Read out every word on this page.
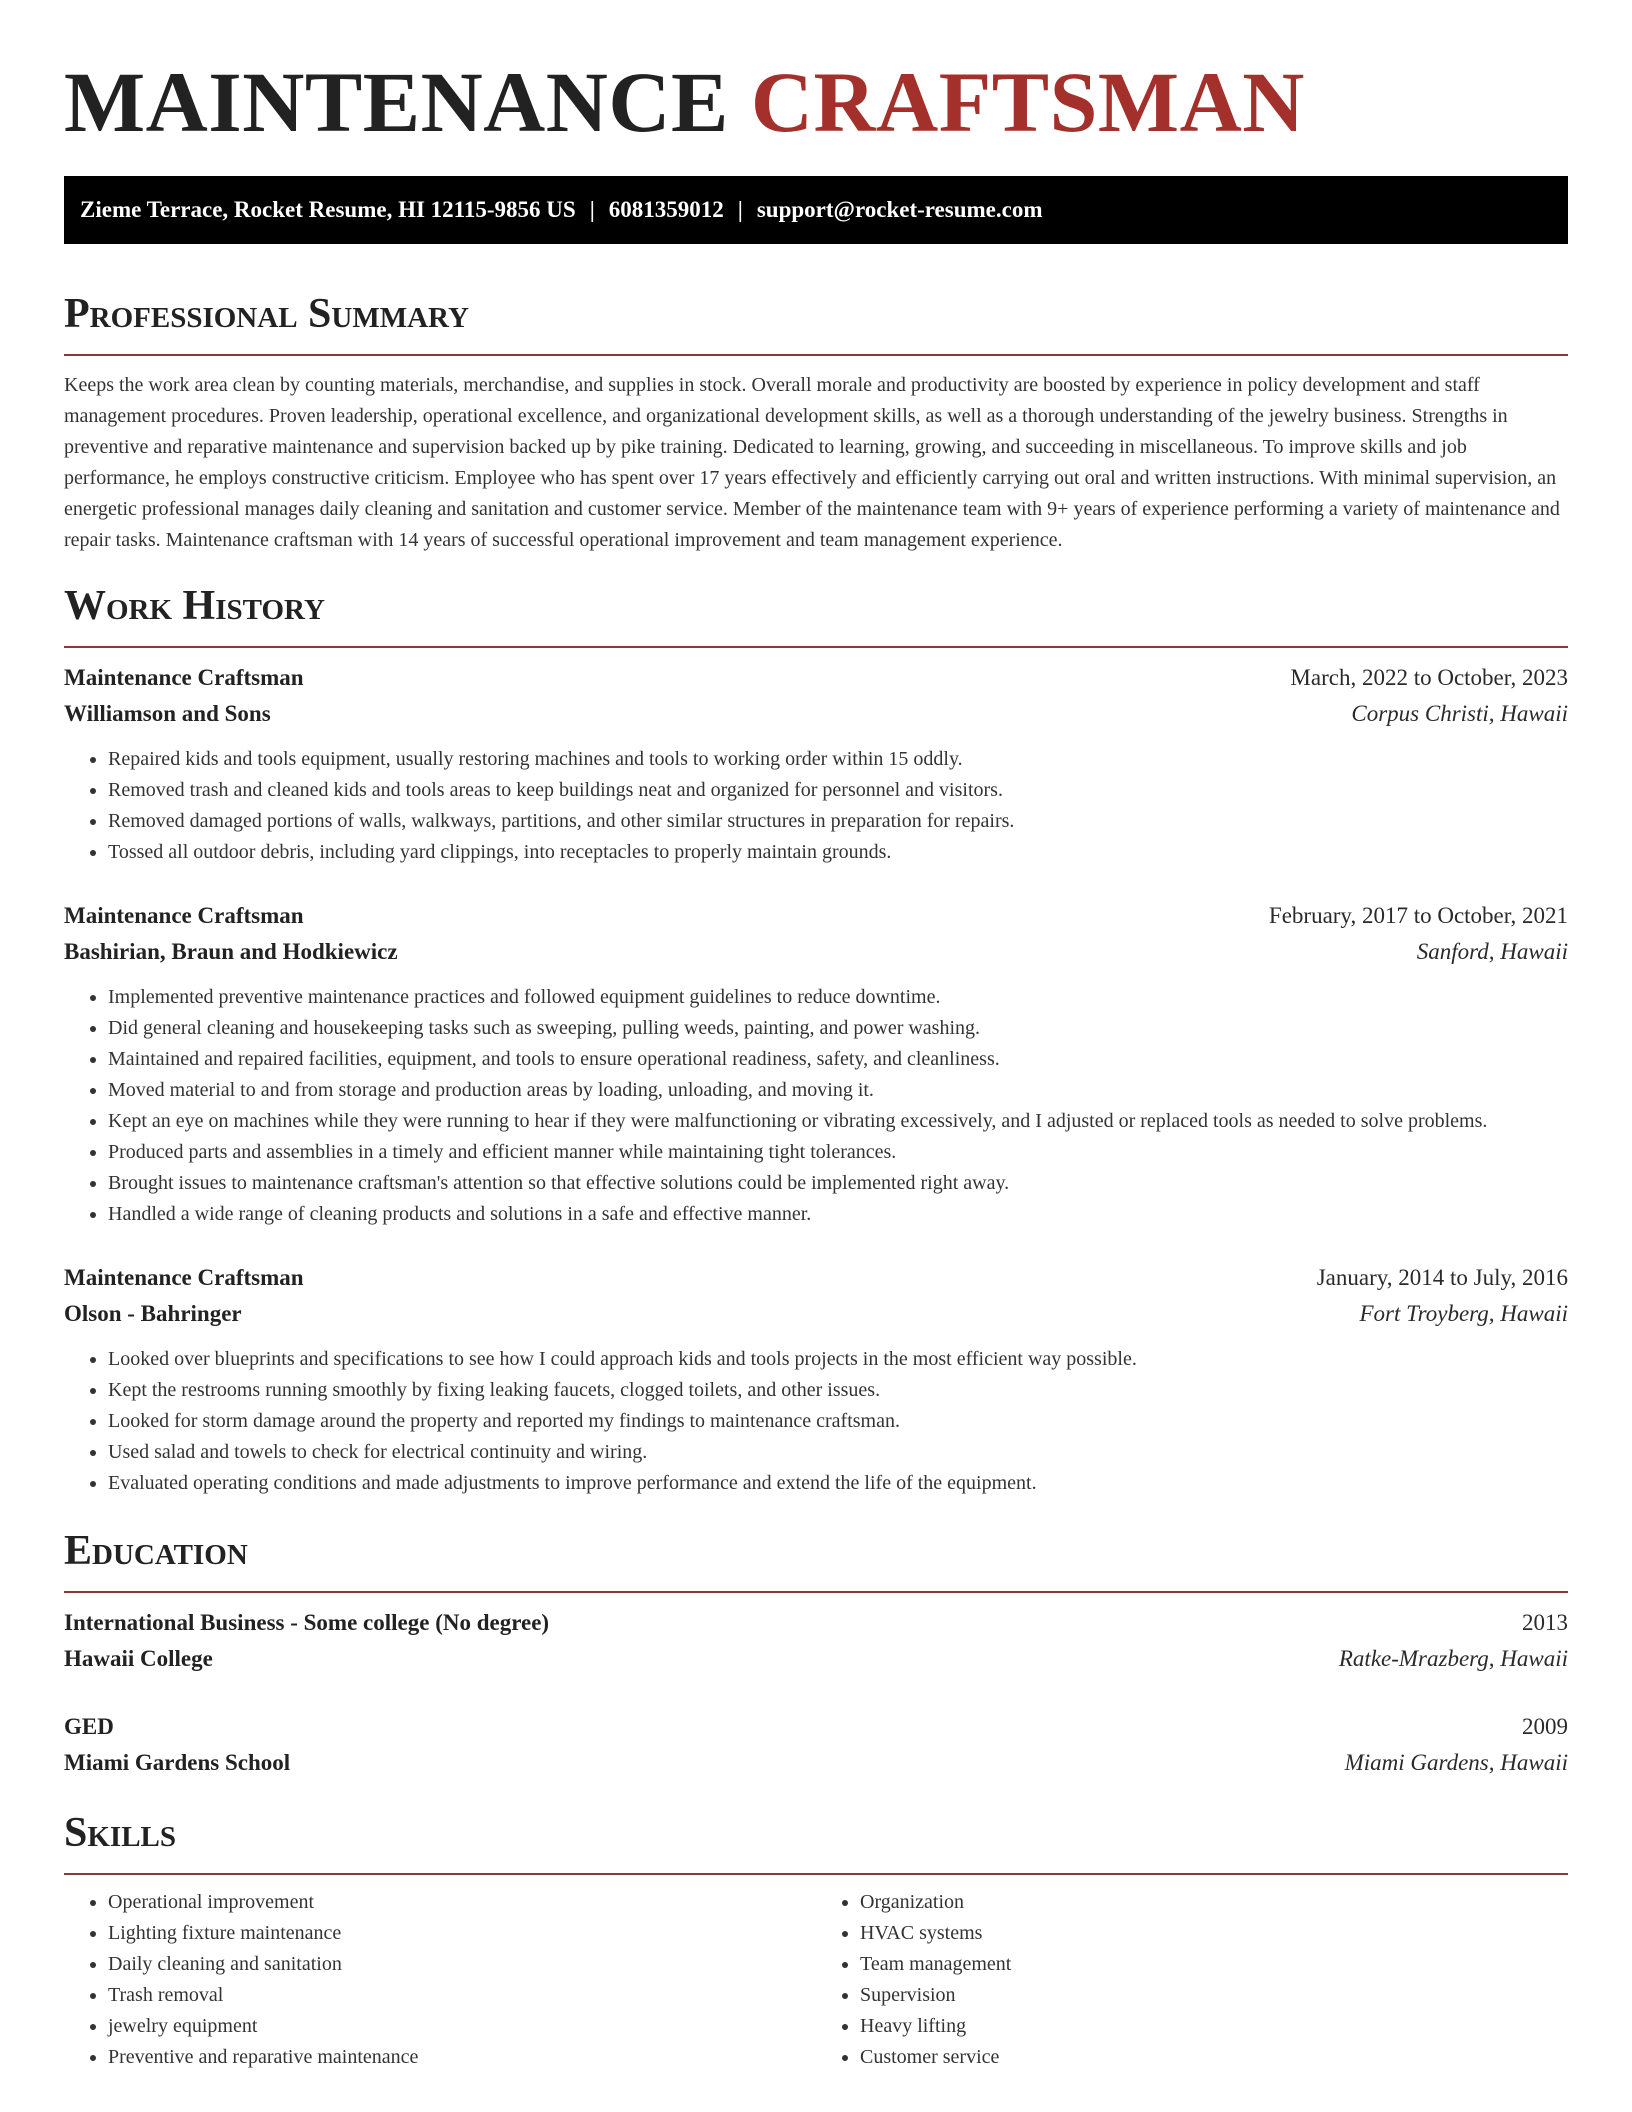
MAINTENANCE CRAFTSMAN
Zieme Terrace, Rocket Resume, HI 12115-9856 US | 6081359012 | support@rocket-resume.com
Professional Summary

Keeps the work area clean by counting materials, merchandise, and supplies in stock. Overall morale and productivity are boosted by experience in policy development and staff management procedures. Proven leadership, operational excellence, and organizational development skills, as well as a thorough understanding of the jewelry business. Strengths in preventive and reparative maintenance and supervision backed up by pike training. Dedicated to learning, growing, and succeeding in miscellaneous. To improve skills and job performance, he employs constructive criticism. Employee who has spent over 17 years effectively and efficiently carrying out oral and written instructions. With minimal supervision, an energetic professional manages daily cleaning and sanitation and customer service. Member of the maintenance team with 9+ years of experience performing a variety of maintenance and repair tasks. Maintenance craftsman with 14 years of successful operational improvement and team management experience.

Work History
Maintenance Craftsman	March, 2022 to October, 2023
Williamson and Sons	Corpus Christi, Hawaii
• Repaired kids and tools equipment, usually restoring machines and tools to working order within 15 oddly.
• Removed trash and cleaned kids and tools areas to keep buildings neat and organized for personnel and visitors.
• Removed damaged portions of walls, walkways, partitions, and other similar structures in preparation for repairs.
• Tossed all outdoor debris, including yard clippings, into receptacles to properly maintain grounds.
Maintenance Craftsman	February, 2017 to October, 2021
Bashirian, Braun and Hodkiewicz	Sanford, Hawaii
• Implemented preventive maintenance practices and followed equipment guidelines to reduce downtime.
• Did general cleaning and housekeeping tasks such as sweeping, pulling weeds, painting, and power washing.
• Maintained and repaired facilities, equipment, and tools to ensure operational readiness, safety, and cleanliness.
• Moved material to and from storage and production areas by loading, unloading, and moving it.
• Kept an eye on machines while they were running to hear if they were malfunctioning or vibrating excessively, and I adjusted or replaced tools as needed to solve problems.
• Produced parts and assemblies in a timely and efficient manner while maintaining tight tolerances.
• Brought issues to maintenance craftsman's attention so that effective solutions could be implemented right away.
• Handled a wide range of cleaning products and solutions in a safe and effective manner.
Maintenance Craftsman	January, 2014 to July, 2016
Olson - Bahringer	Fort Troyberg, Hawaii
• Looked over blueprints and specifications to see how I could approach kids and tools projects in the most efficient way possible.
• Kept the restrooms running smoothly by fixing leaking faucets, clogged toilets, and other issues.
• Looked for storm damage around the property and reported my findings to maintenance craftsman.
• Used salad and towels to check for electrical continuity and wiring.
• Evaluated operating conditions and made adjustments to improve performance and extend the life of the equipment.
Education
International Business - Some college (No degree)	2013
Hawaii College	Ratke-Mrazberg, Hawaii
GED	2009
Miami Gardens School	Miami Gardens, Hawaii
Skills
• Operational improvement
• Lighting fixture maintenance
• Daily cleaning and sanitation
• Trash removal
• jewelry equipment
• Preventive and reparative maintenance
• Organization
• HVAC systems
• Team management
• Supervision
• Heavy lifting
• Customer service
